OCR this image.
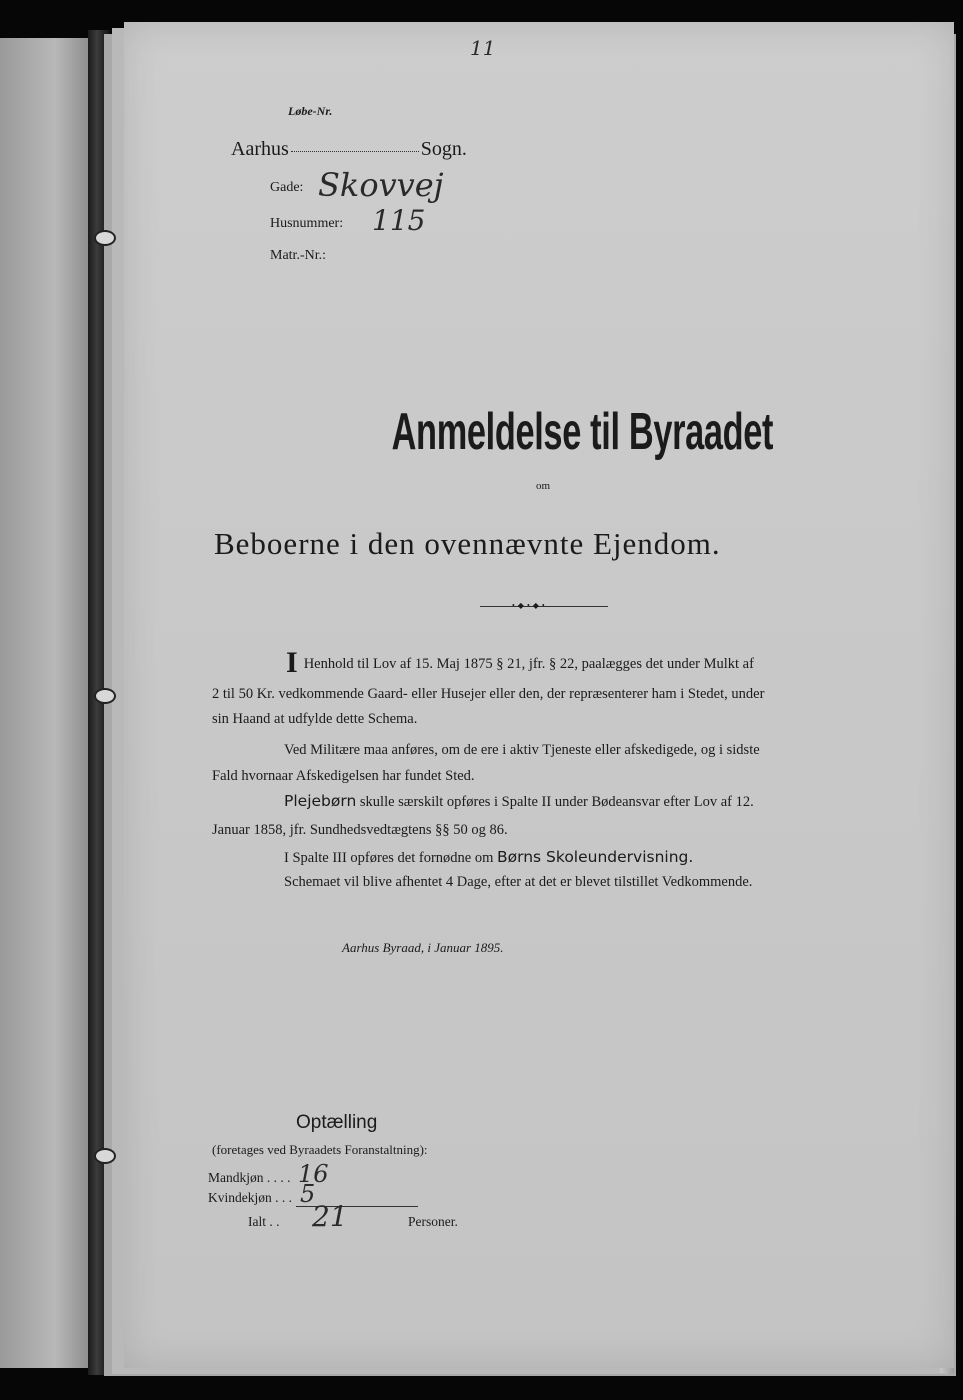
11
Løbe-Nr.
Aarhus	Sogn.
Gade: Skovvej
Husnummer: 115
Matr.-Nr.:
Anmeldelse til Byraadet
om
Beboerne i den ovennævnte Ejendom.
•◆•◆•
I Henhold til Lov af 15. Maj 1875 § 21, jfr. § 22, paalægges det under Mulkt af
2 til 50 Kr. vedkommende Gaard- eller Husejer eller den, der repræsenterer ham i Stedet, under
sin Haand at udfylde dette Schema.
Ved Militære maa anføres, om de ere i aktiv Tjeneste eller afskedigede, og i sidste
Fald hvornaar Afskedigelsen har fundet Sted.
Plejebørn skulle særskilt opføres i Spalte II under Bødeansvar efter Lov af 12.
Januar 1858, jfr. Sundhedsvedtægtens §§ 50 og 86.
I Spalte III opføres det fornødne om Børns Skoleundervisning.
Schemaet vil blive afhentet 4 Dage, efter at det er blevet tilstillet Vedkommende.
Aarhus Byraad, i Januar 1895.
Optælling
(foretages ved Byraadets Foranstaltning):
Mandkjøn . . . . 16
Kvindekjøn . . . 5
Ialt . . 21	Personer.
